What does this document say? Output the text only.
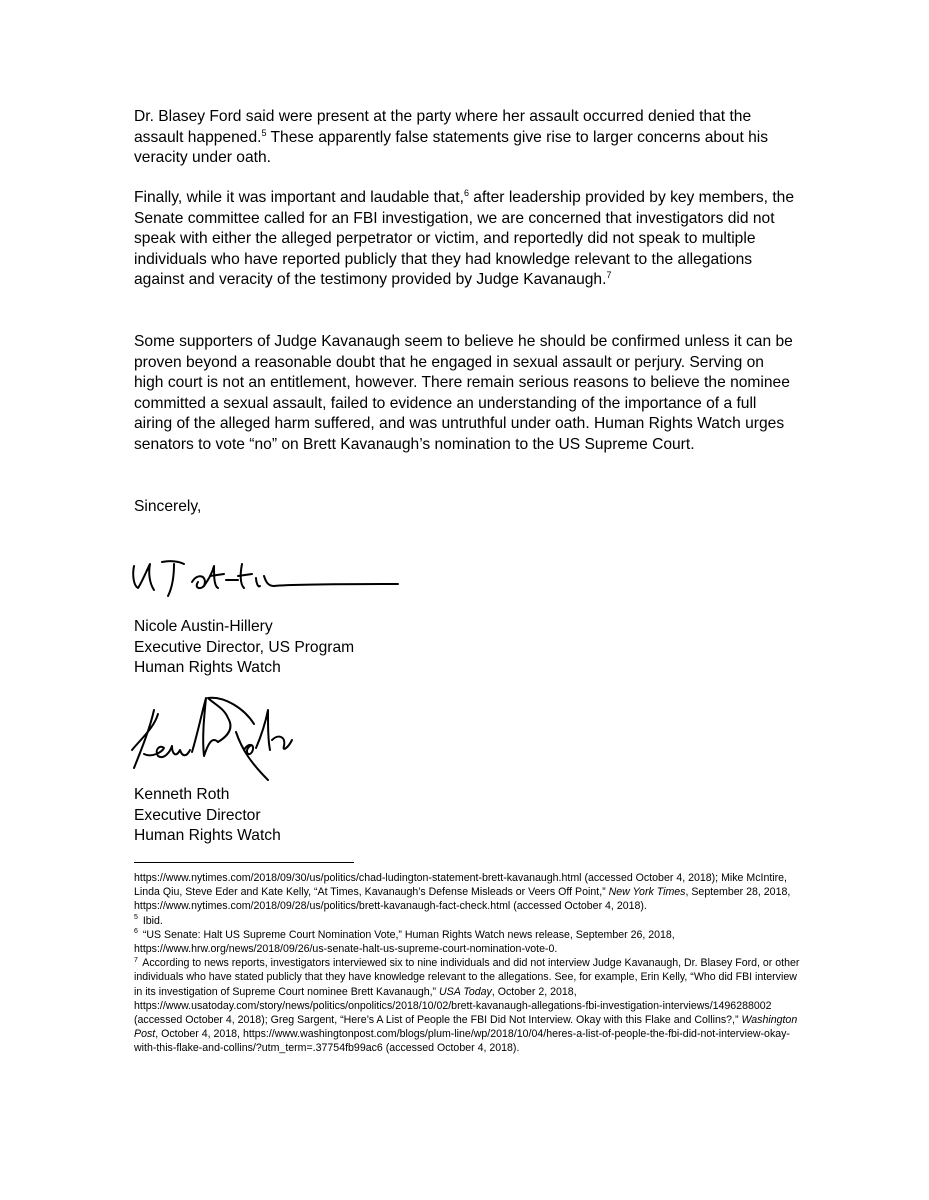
Dr. Blasey Ford said were present at the party where her assault occurred denied that the assault happened.$^5$ These apparently false statements give rise to larger concerns about his veracity under oath.

Finally, while it was important and laudable that,$^6$ after leadership provided by key members, the Senate committee called for an FBI investigation, we are concerned that investigators did not speak with either the alleged perpetrator or victim, and reportedly did not speak to multiple individuals who have reported publicly that they had knowledge relevant to the allegations against and veracity of the testimony provided by Judge Kavanaugh.$^7$

Some supporters of Judge Kavanaugh seem to believe he should be confirmed unless it can be proven beyond a reasonable doubt that he engaged in sexual assault or perjury. Serving on high court is not an entitlement, however. There remain serious reasons to believe the nominee committed a sexual assault, failed to evidence an understanding of the importance of a full airing of the alleged harm suffered, and was untruthful under oath. Human Rights Watch urges senators to vote “no” on Brett Kavanaugh’s nomination to the US Supreme Court.

Sincerely,

Nicole Austin-Hillery
Executive Director, US Program
Human Rights Watch
Kenneth Roth
Executive Director
Human Rights Watch

https://www.nytimes.com/2018/09/30/us/politics/chad-ludington-statement-brett-kavanaugh.html (accessed October 4, 2018); Mike McIntire, Linda Qiu, Steve Eder and Kate Kelly, “At Times, Kavanaugh’s Defense Misleads or Veers Off Point,” New York Times, September 28, 2018, https://www.nytimes.com/2018/09/28/us/politics/brett-kavanaugh-fact-check.html (accessed October 4, 2018).

$^5$ Ibid.

$^6$ “US Senate: Halt US Supreme Court Nomination Vote,” Human Rights Watch news release, September 26, 2018, https://www.hrw.org/news/2018/09/26/us-senate-halt-us-supreme-court-nomination-vote-0.

$^7$ According to news reports, investigators interviewed six to nine individuals and did not interview Judge Kavanaugh, Dr. Blasey Ford, or other individuals who have stated publicly that they have knowledge relevant to the allegations. See, for example, Erin Kelly, “Who did FBI interview in its investigation of Supreme Court nominee Brett Kavanaugh,” USA Today, October 2, 2018, https://www.usatoday.com/story/news/politics/onpolitics/2018/10/02/brett-kavanaugh-allegations-fbi-investigation-interviews/1496288002 (accessed October 4, 2018); Greg Sargent, “Here’s A List of People the FBI Did Not Interview. Okay with this Flake and Collins?,” Washington Post, October 4, 2018, https://www.washingtonpost.com/blogs/plum-line/wp/2018/10/04/heres-a-list-of-people-the-fbi-did-not-interview-okay-with-this-flake-and-collins/?utm_term=.37754fb99ac6 (accessed October 4, 2018).
